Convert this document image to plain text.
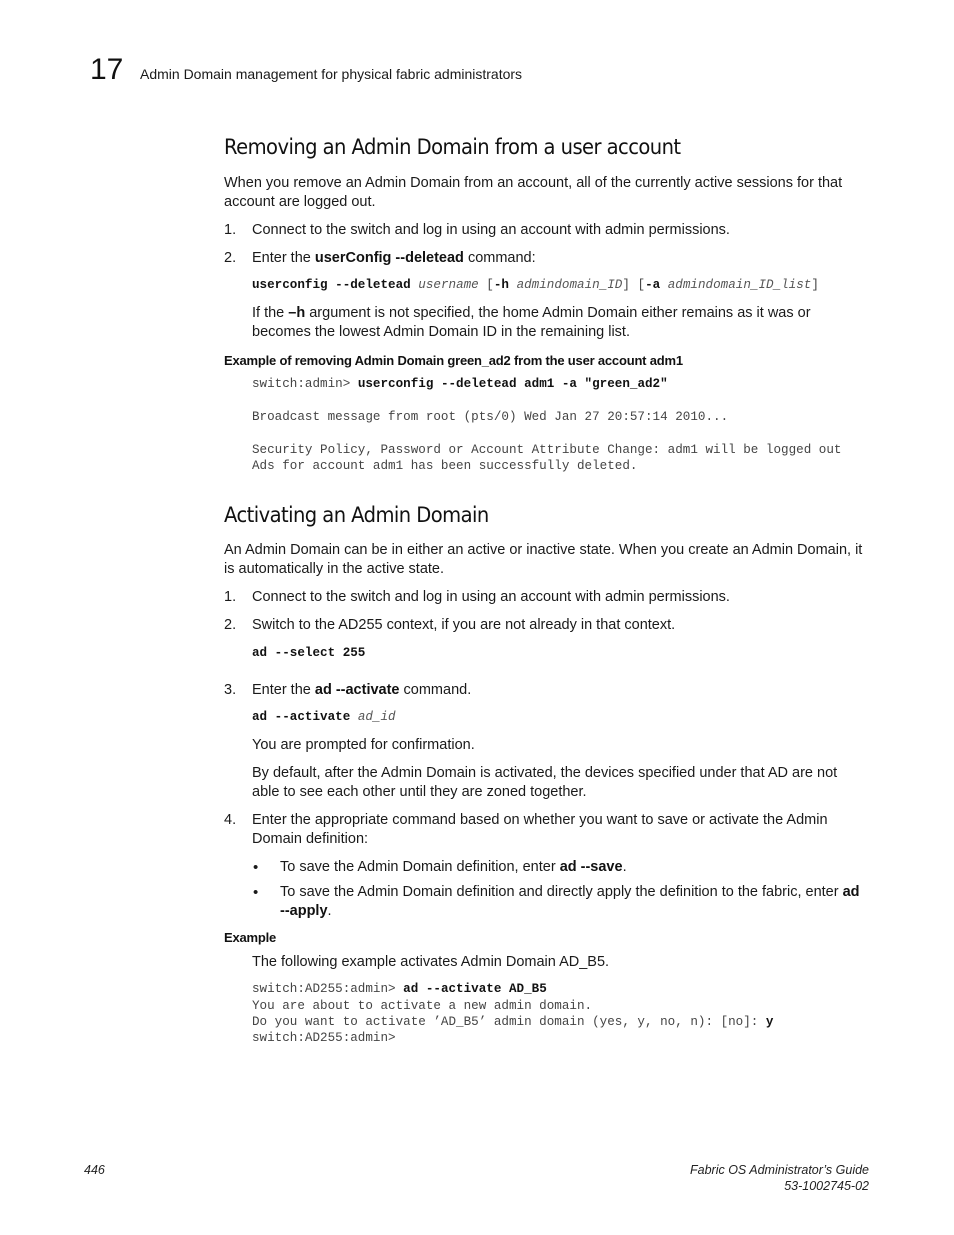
17 Admin Domain management for physical fabric administrators
Removing an Admin Domain from a user account
When you remove an Admin Domain from an account, all of the currently active sessions for that
account are logged out.
1. Connect to the switch and log in using an account with admin permissions.
2. Enter the userConfig --deletead command:
userconfig --deletead username [-h admindomain_ID] [-a admindomain_ID_list]
If the –h argument is not specified, the home Admin Domain either remains as it was or
becomes the lowest Admin Domain ID in the remaining list.
Example of removing Admin Domain green_ad2 from the user account adm1
switch:admin> userconfig --deletead adm1 -a "green_ad2"
Broadcast message from root (pts/0) Wed Jan 27 20:57:14 2010...
Security Policy, Password or Account Attribute Change: adm1 will be logged out
Ads for account adm1 has been successfully deleted.
Activating an Admin Domain
An Admin Domain can be in either an active or inactive state. When you create an Admin Domain, it
is automatically in the active state.
1. Connect to the switch and log in using an account with admin permissions.
2. Switch to the AD255 context, if you are not already in that context.
ad --select 255
3. Enter the ad --activate command.
ad --activate ad_id
You are prompted for confirmation.
By default, after the Admin Domain is activated, the devices specified under that AD are not
able to see each other until they are zoned together.
4. Enter the appropriate command based on whether you want to save or activate the Admin
Domain definition:
• To save the Admin Domain definition, enter ad --save.
• To save the Admin Domain definition and directly apply the definition to the fabric, enter ad
--apply.
Example
The following example activates Admin Domain AD_B5.
switch:AD255:admin> ad --activate AD_B5
You are about to activate a new admin domain.
Do you want to activate ’AD_B5’ admin domain (yes, y, no, n): [no]: y
switch:AD255:admin>
446	Fabric OS Administrator’s Guide
53-1002745-02
